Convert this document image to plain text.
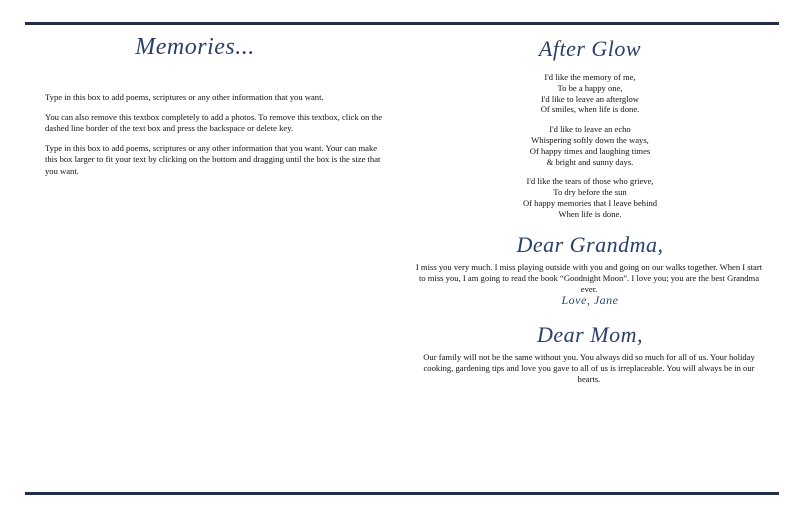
Memories...

Type in this box to add poems, scriptures or any other information that you want.

You can also remove this textbox completely to add a photos. To remove this textbox, click on the dashed line border of the text box and press the backspace or delete key.

Type in this box to add poems, scriptures or any other information that you want. Your can make this box larger to fit your text by clicking on the bottom and dragging until the box is the size that you want.

After Glow
I'd like the memory of me,
To be a happy one,
I'd like to leave an afterglow
Of smiles, when life is done.
I'd like to leave an echo
Whispering softly down the ways,
Of happy times and laughing times
& bright and sunny days.
I'd like the tears of those who grieve,
To dry before the sun
Of happy memories that I leave behind
When life is done.
Dear Grandma,
I miss you very much. I miss playing outside with you and going on our walks together. When I start to miss you, I am going to read the book “Goodnight Moon”. I love you; you are the best Grandma ever.
Love, Jane
Dear Mom,
Our family will not be the same without you. You always did so much for all of us. Your holiday cooking, gardening tips and love you gave to all of us is irreplaceable. You will always be in our hearts.
